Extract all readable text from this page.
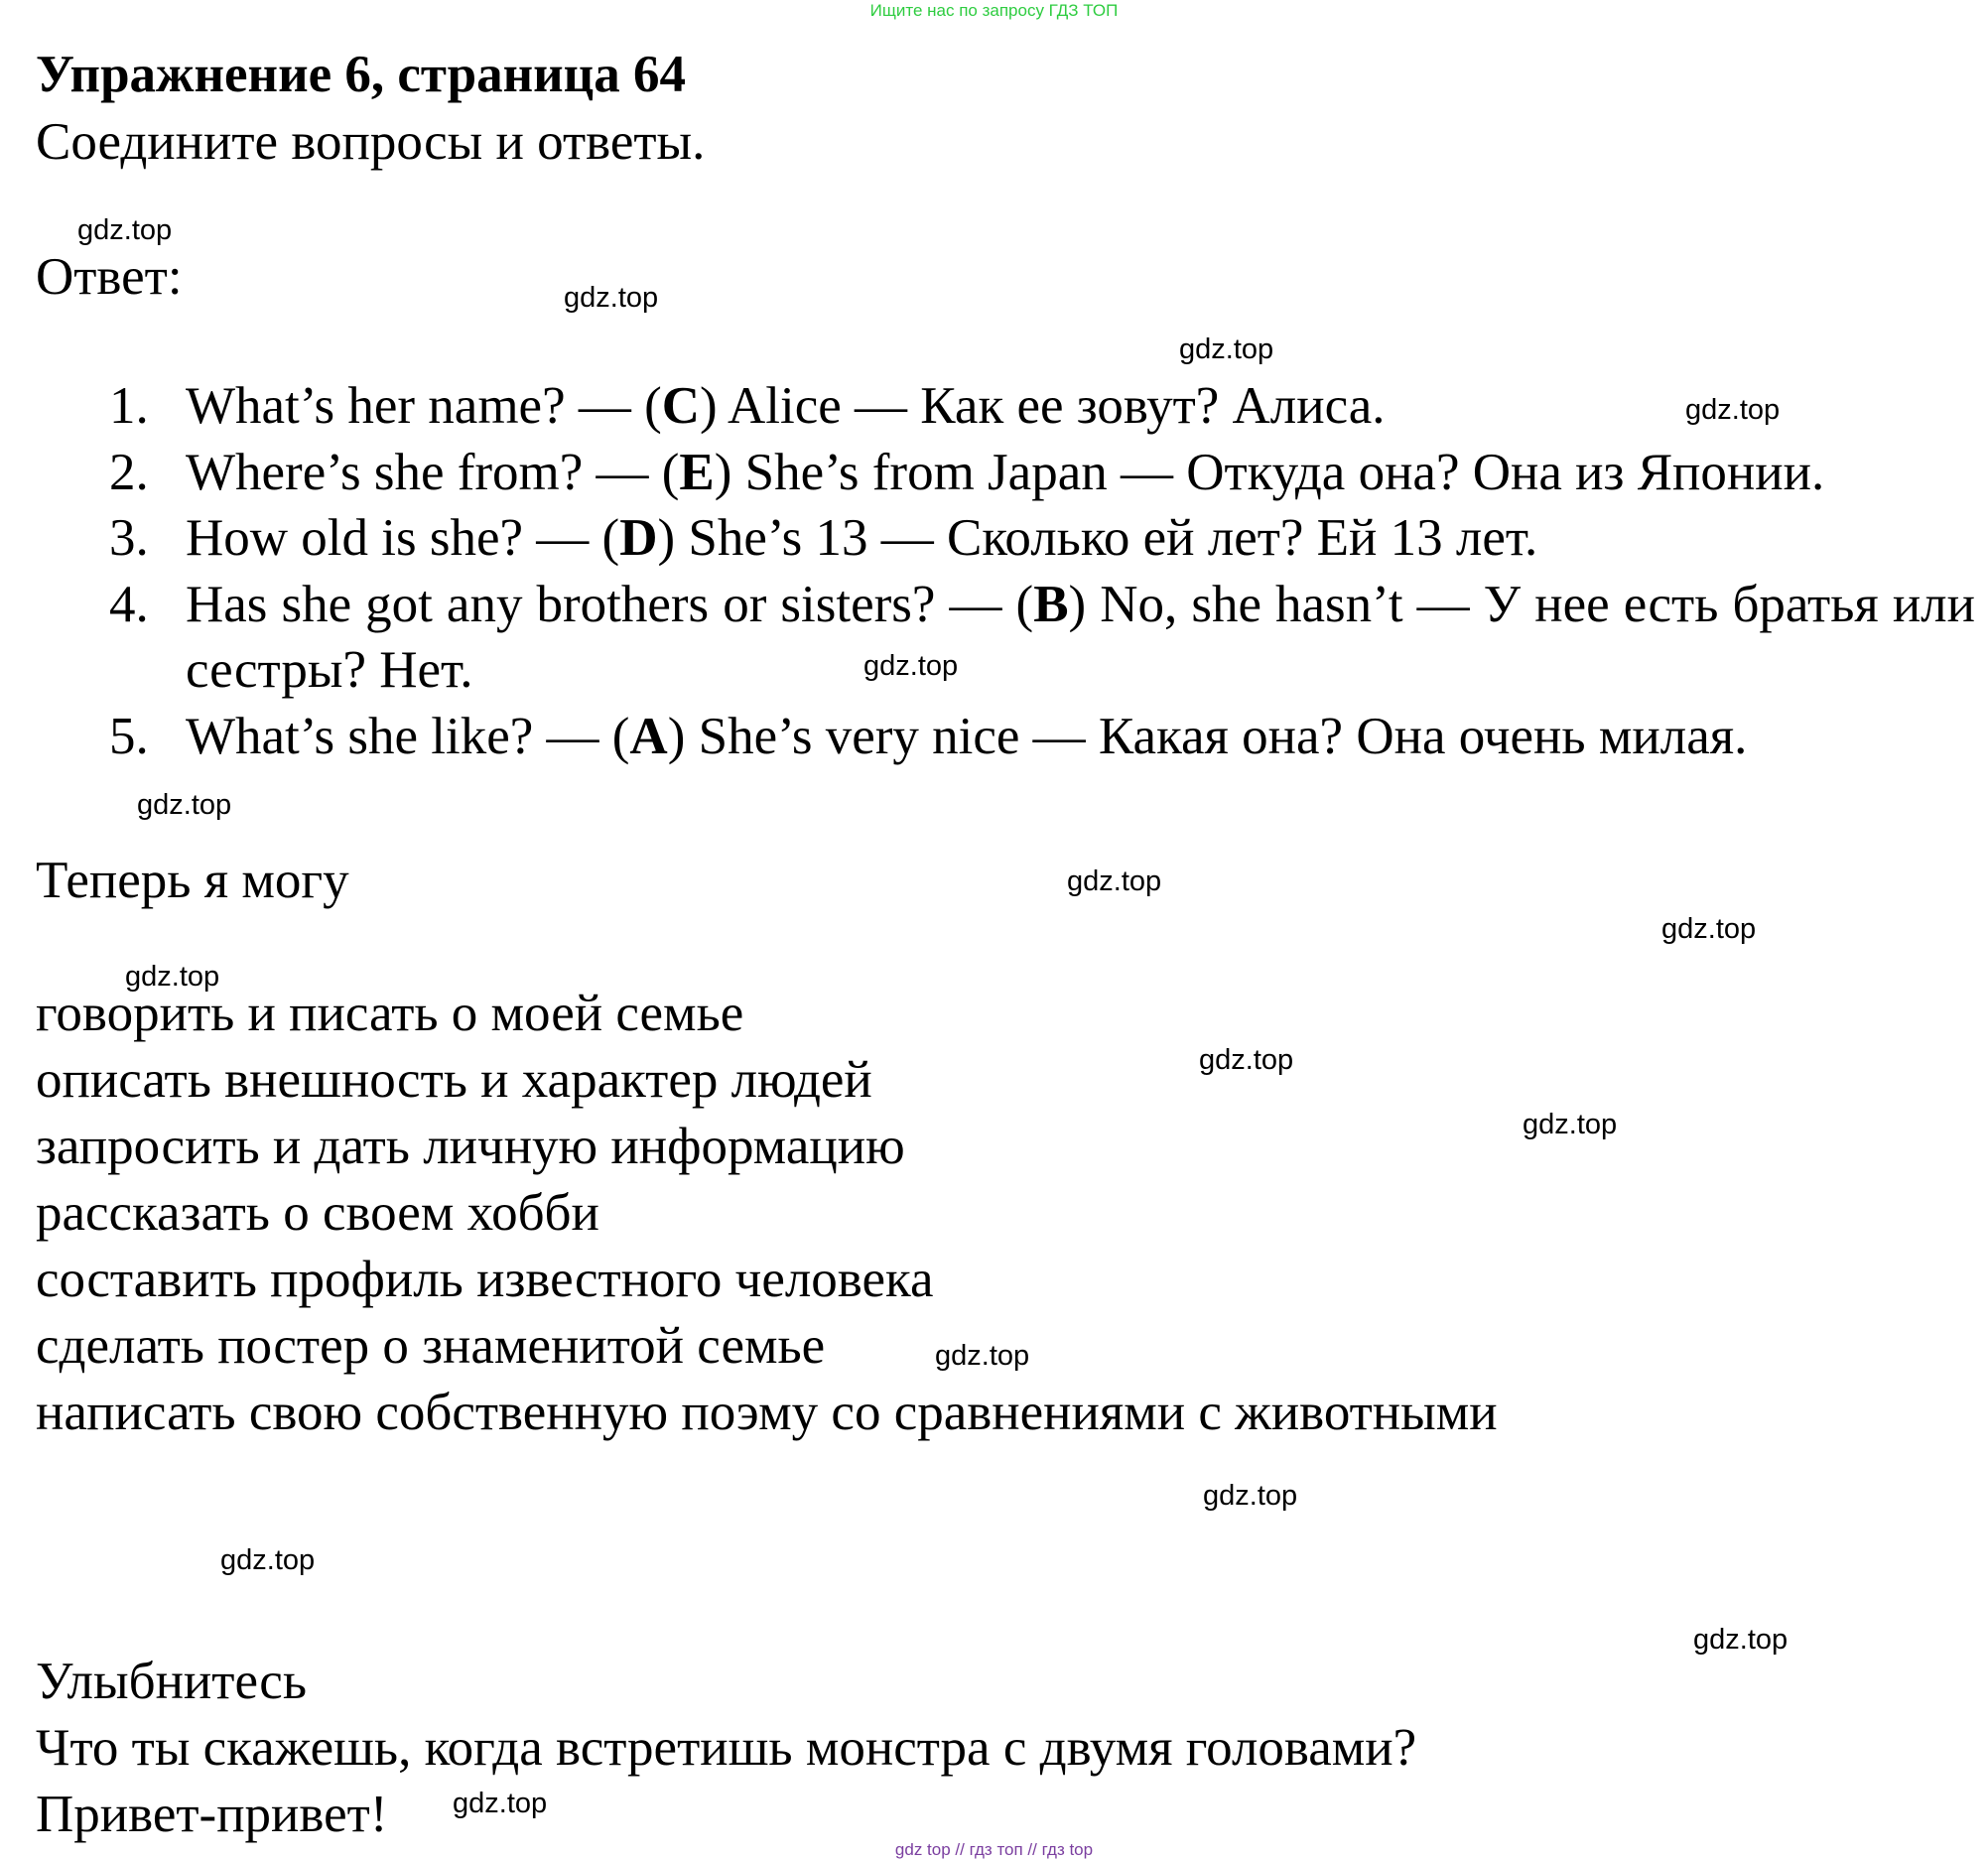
Ищите нас по запросу ГДЗ ТОП
Упражнение 6, страница 64
Соедините вопросы и ответы.
Ответ:
1. What’s her name? — (C) Alice — Как ее зовут? Алиса.
2. Where’s she from? — (E) She’s from Japan — Откуда она? Она из Японии.
3. How old is she? — (D) She’s 13 — Сколько ей лет? Ей 13 лет.
4. Has she got any brothers or sisters? — (B) No, she hasn’t — У нее есть братья или сестры? Нет.
5. What’s she like? — (A) She’s very nice — Какая она? Она очень милая.
Теперь я могу
говорить и писать о моей семье
описать внешность и характер людей
запросить и дать личную информацию
рассказать о своем хобби
составить профиль известного человека
сделать постер о знаменитой семье
написать свою собственную поэму со сравнениями с животными
Улыбнитесь
Что ты скажешь, когда встретишь монстра с двумя головами?
Привет-привет!
gdz.top
gdz.top
gdz.top
gdz.top
gdz.top
gdz.top
gdz.top
gdz.top
gdz.top
gdz.top
gdz.top
gdz.top
gdz.top
gdz.top
gdz.top
gdz.top
gdz top // гдз топ // гдз top
